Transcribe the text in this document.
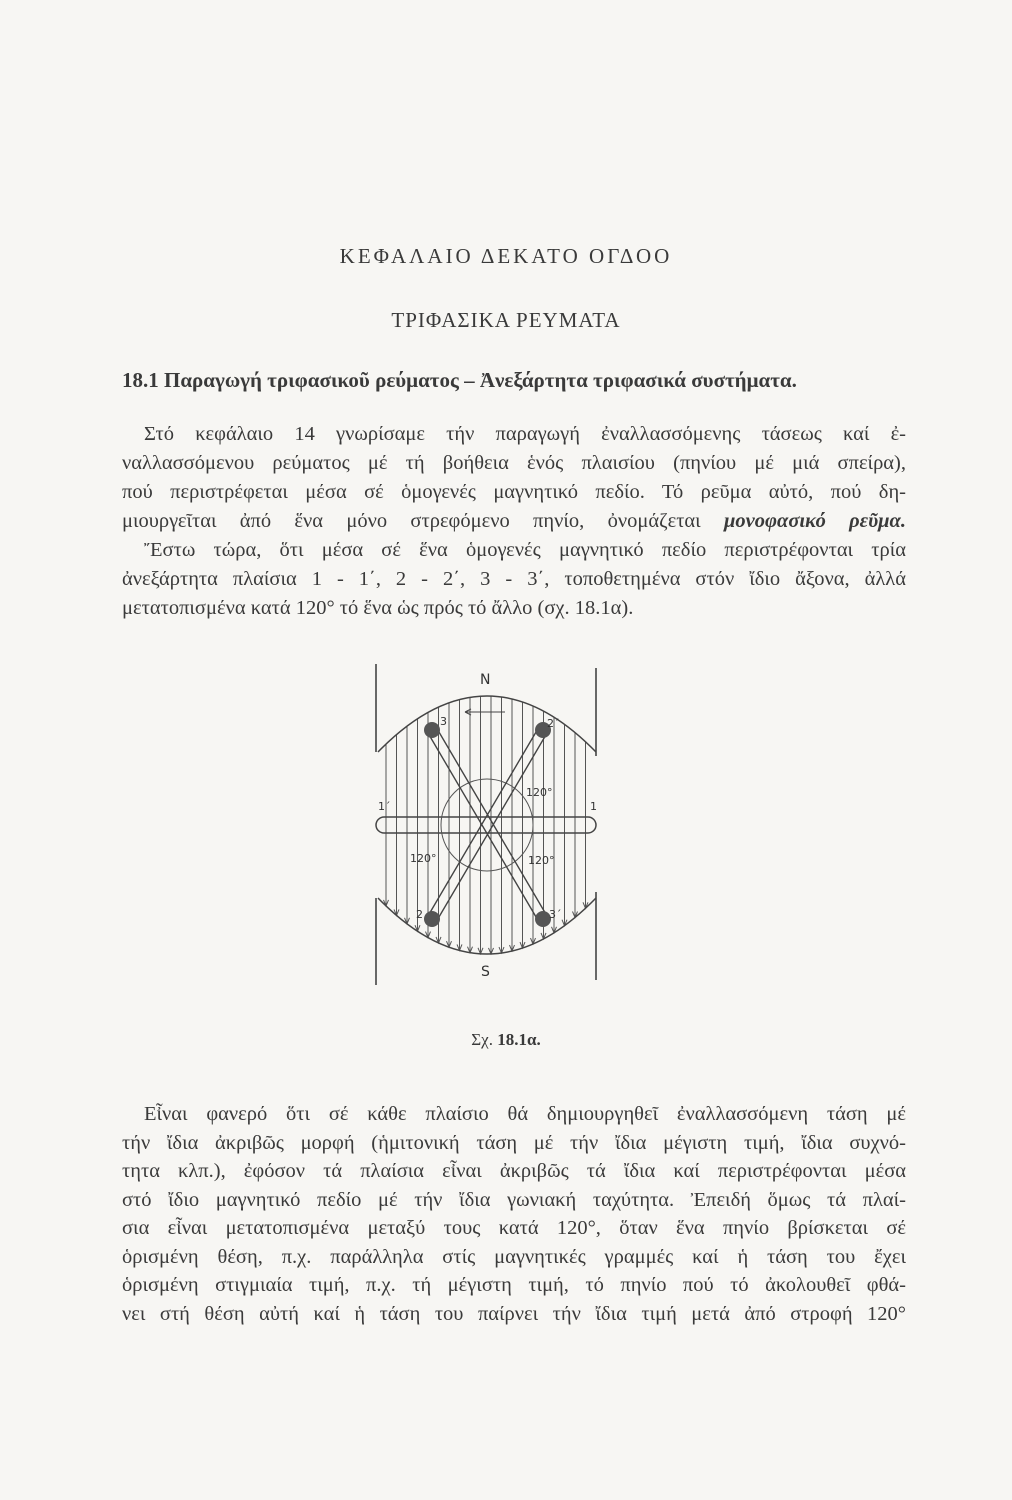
ΚΕΦΑΛΑΙΟ ΔΕΚΑΤΟ ΟΓΔΟΟ
ΤΡΙΦΑΣΙΚΑ ΡΕΥΜΑΤΑ
18.1 Παραγωγή τριφασικοῦ ρεύματος – Ἀνεξάρτητα τριφασικά συστήματα.
Στό κεφάλαιο 14 γνωρίσαμε τήν παραγωγή ἐναλλασσόμενης τάσεως καί ἐ-
ναλλασσόμενου ρεύματος μέ τή βοήθεια ἑνός πλαισίου (πηνίου μέ μιά σπείρα),
πού περιστρέφεται μέσα σέ ὁμογενές μαγνητικό πεδίο. Τό ρεῦμα αὐτό, πού δη-
μιουργεῖται ἀπό ἕνα μόνο στρεφόμενο πηνίο, ὀνομάζεται μονοφασικό ρεῦμα.
Ἔστω τώρα, ὅτι μέσα σέ ἕνα ὁμογενές μαγνητικό πεδίο περιστρέφονται τρία
ἀνεξάρτητα πλαίσια 1 - 1΄, 2 - 2΄, 3 - 3΄, τοποθετημένα στόν ἴδιο ἄξονα, ἀλλά
μετατοπισμένα κατά 120° τό ἕνα ὡς πρός τό ἄλλο (σχ. 18.1α).
N
S
3	2΄
2	3΄
1΄	1
120°
120°	120°
Σχ. 18.1α.
Εἶναι φανερό ὅτι σέ κάθε πλαίσιο θά δημιουργηθεῖ ἐναλλασσόμενη τάση μέ
τήν ἴδια ἀκριβῶς μορφή (ἡμιτονική τάση μέ τήν ἴδια μέγιστη τιμή, ἴδια συχνό-
τητα κλπ.), ἐφόσον τά πλαίσια εἶναι ἀκριβῶς τά ἴδια καί περιστρέφονται μέσα
στό ἴδιο μαγνητικό πεδίο μέ τήν ἴδια γωνιακή ταχύτητα. Ἐπειδή ὅμως τά πλαί-
σια εἶναι μετατοπισμένα μεταξύ τους κατά 120°, ὅταν ἕνα πηνίο βρίσκεται σέ
ὁρισμένη θέση, π.χ. παράλληλα στίς μαγνητικές γραμμές καί ἡ τάση του ἔχει
ὁρισμένη στιγμιαία τιμή, π.χ. τή μέγιστη τιμή, τό πηνίο πού τό ἀκολουθεῖ φθά-
νει στή θέση αὐτή καί ἡ τάση του παίρνει τήν ἴδια τιμή μετά ἀπό στροφή 120°
